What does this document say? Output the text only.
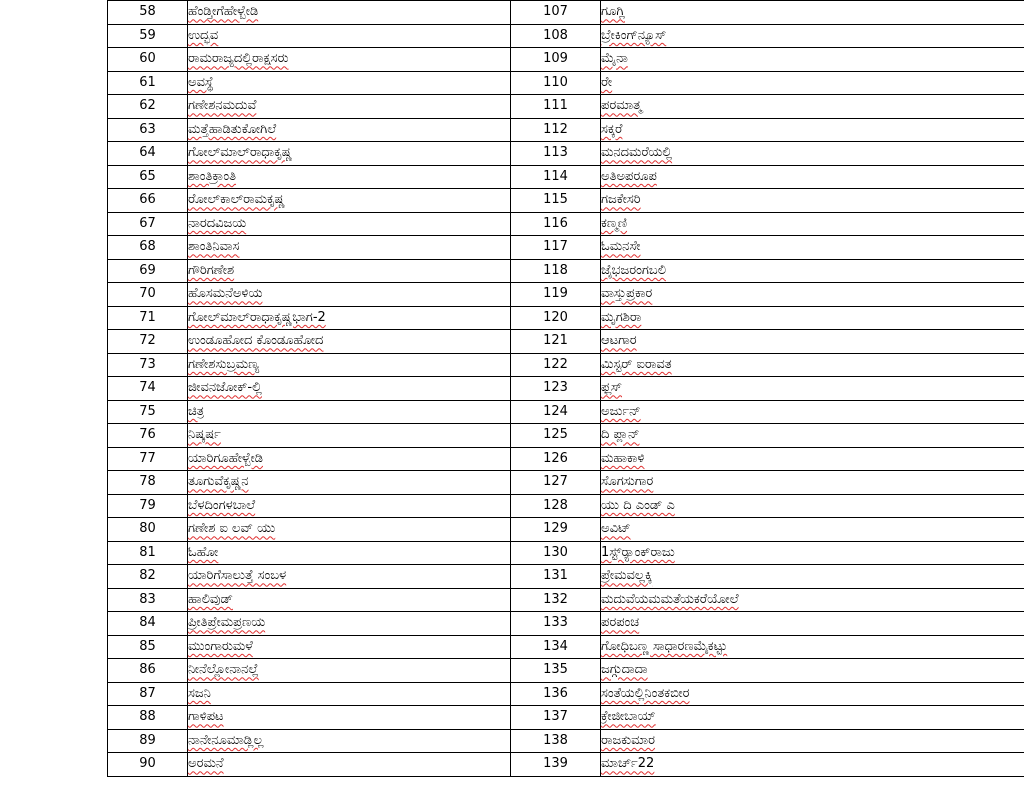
58	ಹೆಂಡ್ತೀಗೆಹೇಳ್ಬೇಡಿ	107	ಗೂಗ್ಲಿ
59	ಉದ್ಭವ	108	ಬ್ರೇಕಿಂಗ್‌ನ್ಯೂಸ್
60	ರಾಮರಾಜ್ಯದಲ್ಲಿರಾಕ್ಷಸರು	109	ಮೈನಾ
61	ಅವಸ್ಥೆ	110	ರೇ
62	ಗಣೇಶನಮದುವೆ	111	ಪರಮಾತ್ಮ
63	ಮತ್ತೆಹಾಡಿತುಕೋಗಿಲೆ	112	ಸಕ್ಕರೆ
64	ಗೋಲ್‌ಮಾಲ್‌ರಾಧಾಕೃಷ್ಣ	113	ಮನದಮರೆಯಲ್ಲಿ
65	ಶಾಂತಿಕ್ರಾಂತಿ	114	ಅತಿಅಪರೂಪ
66	ರೋಲ್‌ಕಾಲ್‌ರಾಮಕೃಷ್ಣ	115	ಗಜಕೇಸರಿ
67	ನಾರದವಿಜಯ	116	ಕಣ್ಮಣಿ
68	ಶಾಂತಿನಿವಾಸ	117	ಓಮನಸೇ
69	ಗೌರಿಗಣೇಶ	118	ಜೈಭಜರಂಗಬಲಿ
70	ಹೊಸಮನೆಅಳಿಯ	119	ವಾಸ್ತುಪ್ರಕಾರ
71	ಗೋಲ್‌ಮಾಲ್‌ರಾಧಾಕೃಷ್ಣಭಾಗ-2	120	ಮೃಗಶಿರಾ
72	ಉಂಡೂಹೋದ ಕೊಂಡೂಹೋದ	121	ಆಟಗಾರ
73	ಗಣೇಶಸುಬ್ರಮಣ್ಯ	122	ಮಿಸ್ಟರ್ ಐರಾವತ
74	ಜೀವನಜೋಕ್-ಲ್ಲಿ	123	ಫ್ಲಸ್
75	ಚಿತ್ರ	124	ಅರ್ಜುನ್
76	ನಿಷ್ಕರ್ಷ	125	ದಿ ಪ್ಲಾನ್
77	ಯಾರಿಗೂಹೇಳ್ಬೇಡಿ	126	ಮಹಾಕಾಳಿ
78	ತೂಗುವೆಕೃಷ್ಣನ	127	ಸೊಗಸುಗಾರ
79	ಬೆಳದಿಂಗಳಬಾಲೆ	128	ಯು ದಿ ಎಂಡ್ ಎ
80	ಗಣೇಶ ಐ ಲವ್ ಯು	129	ಅವಿಟ್
81	ಓಹೋ	130	1ಸ್ಟ್‌ರ್‍ಯಾಂಕ್‌ರಾಜು
82	ಯಾರಿಗೆಸಾಲುತ್ತೆ ಸಂಬಳ	131	ಪ್ರೇಮವಲ್ಲಕ್ಕಿ
83	ಹಾಲಿವುಡ್	132	ಮದುವೆಯಮಮತೆಯಕರೆಯೋಲೆ
84	ಪ್ರೀತಿಪ್ರೇಮಪ್ರಣಯ	133	ಪರಪಂಚ
85	ಮುಂಗಾರುಮಳೆ	134	ಗೋಧಿಬಣ್ಣ ಸಾಧಾರಣಮೈಕಟ್ಟು
86	ನೀನೆಲ್ಲೋನಾನಲ್ಲೆ	135	ಜಗ್ಗುದಾದಾ
87	ಸಜನಿ	136	ಸಂತೆಯಲ್ಲಿನಿಂತಕಬೀರ
88	ಗಾಳಿಪಟ	137	ಕ್ರೇಜೀಬಾಯ್
89	ನಾನೇನೂಮಾಡ್ಲಿಲ್ಲ	138	ರಾಜಕುಮಾರ
90	ಅರಮನೆ	139	ಮಾರ್ಚ್22
